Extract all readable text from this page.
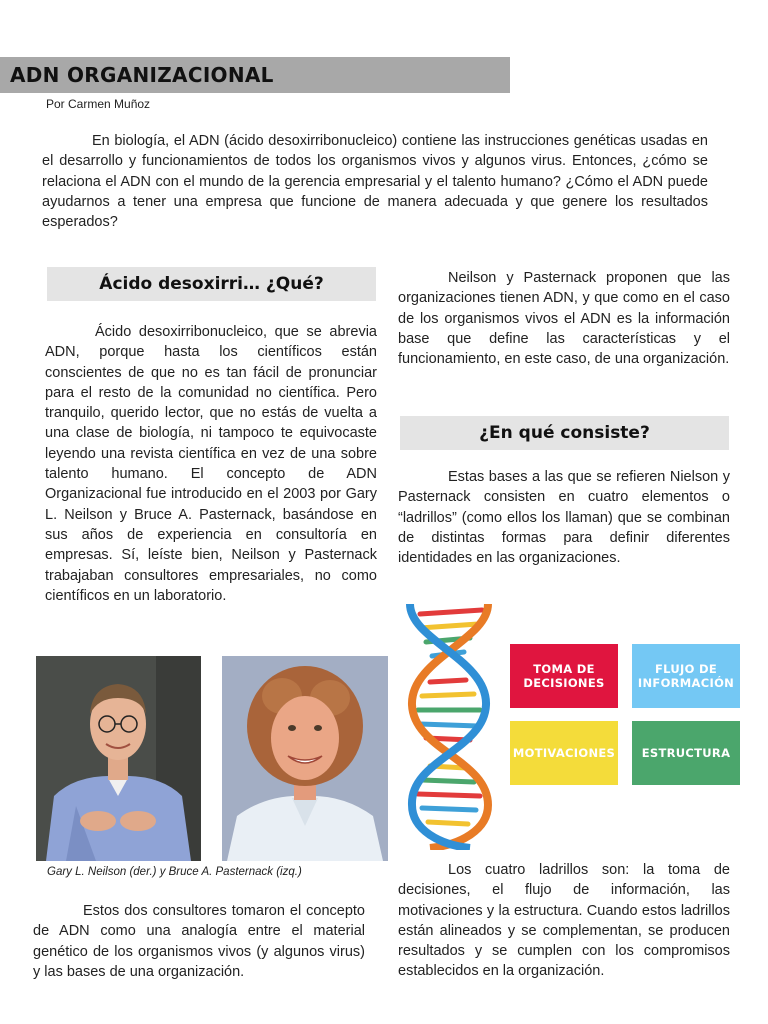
ADN ORGANIZACIONAL
Por Carmen Muñoz

En biología, el ADN (ácido desoxirribonucleico) contiene las instrucciones genéticas usadas en el desarrollo y funcionamientos de todos los organismos vivos y algunos virus. Entonces, ¿cómo se relaciona el ADN con el mundo de la gerencia empresarial y el talento humano? ¿Cómo el ADN puede ayudarnos a tener una empresa que funcione de manera adecuada y que genere los resultados esperados?

Ácido desoxirri… ¿Qué?

Ácido desoxirribonucleico, que se abrevia ADN, porque hasta los científicos están conscientes de que no es tan fácil de pronunciar para el resto de la comunidad no científica. Pero tranquilo, querido lector, que no estás de vuelta a una clase de biología, ni tampoco te equivocaste leyendo una revista científica en vez de una sobre talento humano. El concepto de ADN Organizacional fue introducido en el 2003 por Gary L. Neilson y Bruce A. Pasternack, basándose en sus años de experiencia en consultoría en empresas. Sí, leíste bien, Neilson y Pasternack trabajaban consultores empresariales, no como científicos en un laboratorio.

Neilson y Pasternack proponen que las organizaciones tienen ADN, y que como en el caso de los organismos vivos el ADN es la información base que define las características y el funcionamiento, en este caso, de una organización.

¿En qué consiste?

Estas bases a las que se refieren Nielson y Pasternack consisten en cuatro elementos o “ladrillos” (como ellos los llaman) que se combinan de distintas formas para definir diferentes identidades en las organizaciones.

Gary L. Neilson (der.) y Bruce A. Pasternack (izq.)

Estos dos consultores tomaron el concepto de ADN como una analogía entre el material genético de los organismos vivos (y algunos virus) y las bases de una organización.

TOMA DE DECISIONES
FLUJO DE INFORMACIÓN
MOTIVACIONES	ESTRUCTURA

Los cuatro ladrillos son: la toma de decisiones, el flujo de información, las motivaciones y la estructura. Cuando estos ladrillos están alineados y se complementan, se producen resultados y se cumplen con los compromisos establecidos en la organización.
